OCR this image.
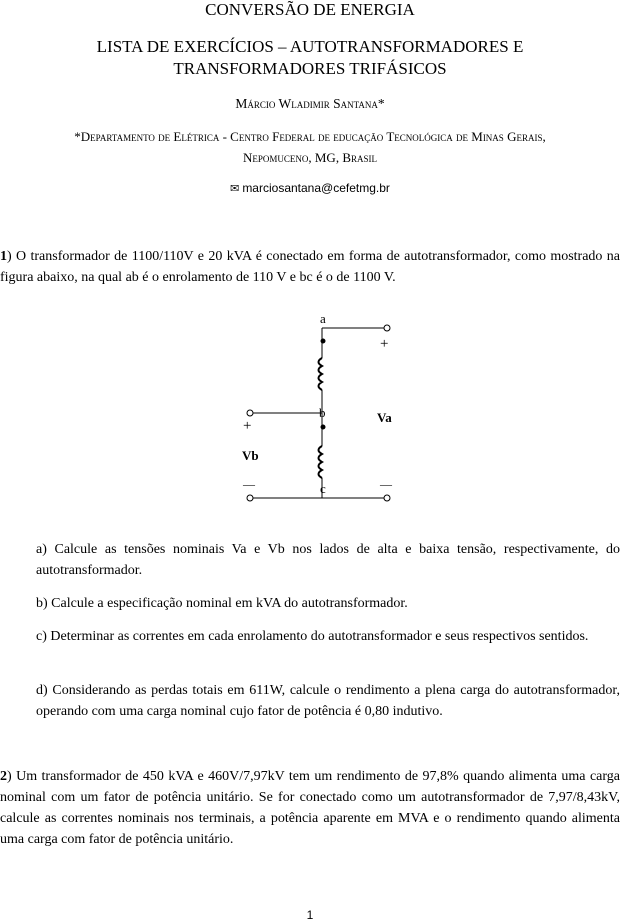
CONVERSÃO DE ENERGIA
LISTA DE EXERCÍCIOS – AUTOTRANSFORMADORES E
TRANSFORMADORES TRIFÁSICOS
Márcio Wladimir Santana*
*Departamento de Elétrica - Centro Federal de educação Tecnológica de Minas Gerais,
Nepomuceno, MG, Brasil
✉ marciosantana@cefetmg.br
1) O transformador de 1100/110V e 20 kVA é conectado em forma de autotransformador, como mostrado na figura abaixo, na qual ab é o enrolamento de 110 V e bc é o de 1100 V.
a
b
c
+
+
—
—
Va
Vb
a) Calcule as tensões nominais Va e Vb nos lados de alta e baixa tensão, respectivamente, do autotransformador.
b) Calcule a especificação nominal em kVA do autotransformador.
c) Determinar as correntes em cada enrolamento do autotransformador e seus respectivos sentidos.
d) Considerando as perdas totais em 611W, calcule o rendimento a plena carga do autotransformador, operando com uma carga nominal cujo fator de potência é 0,80 indutivo.
2) Um transformador de 450 kVA e 460V/7,97kV tem um rendimento de 97,8% quando alimenta uma carga nominal com um fator de potência unitário. Se for conectado como um autotransformador de 7,97/8,43kV, calcule as correntes nominais nos terminais, a potência aparente em MVA e o rendimento quando alimenta uma carga com fator de potência unitário.
1
